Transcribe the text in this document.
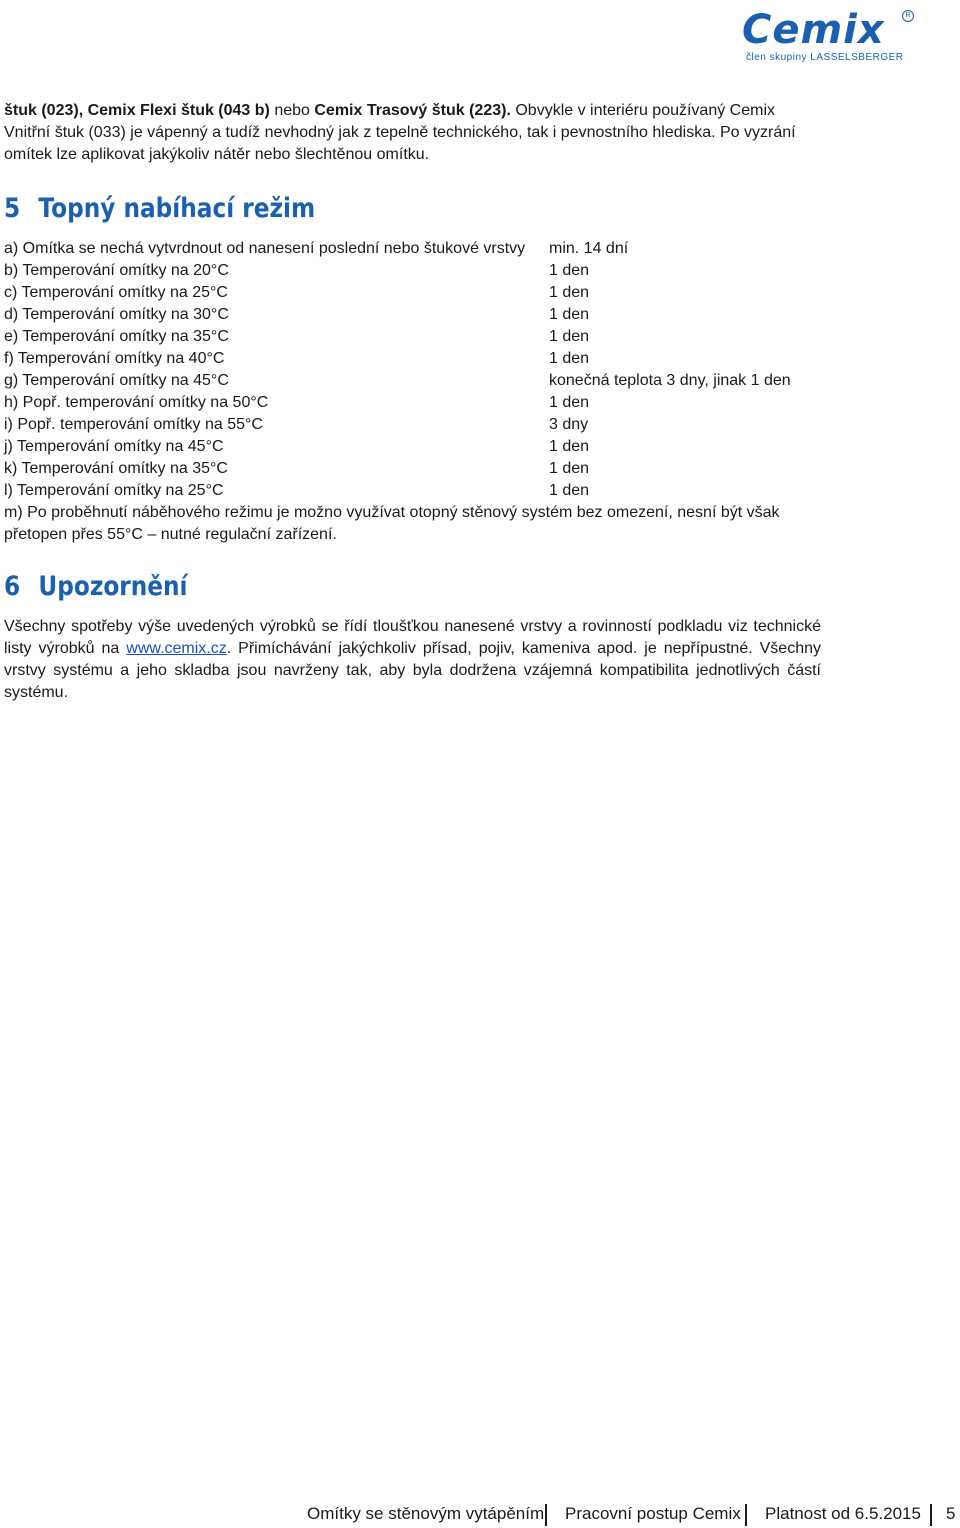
Cemix	R
člen skupiny LASSELSBERGER

štuk (023), Cemix Flexi štuk (043 b) nebo Cemix Trasový štuk (223). Obvykle v interiéru používaný Cemix Vnitřní štuk (033) je vápenný a tudíž nevhodný jak z tepelně technického, tak i pevnostního hlediska. Po vyzrání omítek lze aplikovat jakýkoliv nátěr nebo šlechtěnou omítku.

5 Topný nabíhací režim
a) Omítka se nechá vytvrdnout od nanesení poslední nebo štukové vrstvy min. 14 dní
b) Temperování omítky na 20°C	1 den
c) Temperování omítky na 25°C	1 den
d) Temperování omítky na 30°C	1 den
e) Temperování omítky na 35°C	1 den
f) Temperování omítky na 40°C	1 den
g) Temperování omítky na 45°C	konečná teplota 3 dny, jinak 1 den
h) Popř. temperování omítky na 50°C	1 den
i) Popř. temperování omítky na 55°C	3 dny
j) Temperování omítky na 45°C	1 den
k) Temperování omítky na 35°C	1 den
l) Temperování omítky na 25°C	1 den

m) Po proběhnutí náběhového režimu je možno využívat otopný stěnový systém bez omezení, nesní být však přetopen přes 55°C – nutné regulační zařízení.

6 Upozornění

Všechny spotřeby výše uvedených výrobků se řídí tloušťkou nanesené vrstvy a rovinností podkladu viz technické listy výrobků na www.cemix.cz. Přimíchávání jakýchkoliv přísad, pojiv, kameniva apod. je nepřípustné. Všechny vrstvy systému a jeho skladba jsou navrženy tak, aby byla dodržena vzájemná kompatibilita jednotlivých částí systému.

Omítky se stěnovým vytápěním Pracovní postup Cemix Platnost od 6.5.2015 5
